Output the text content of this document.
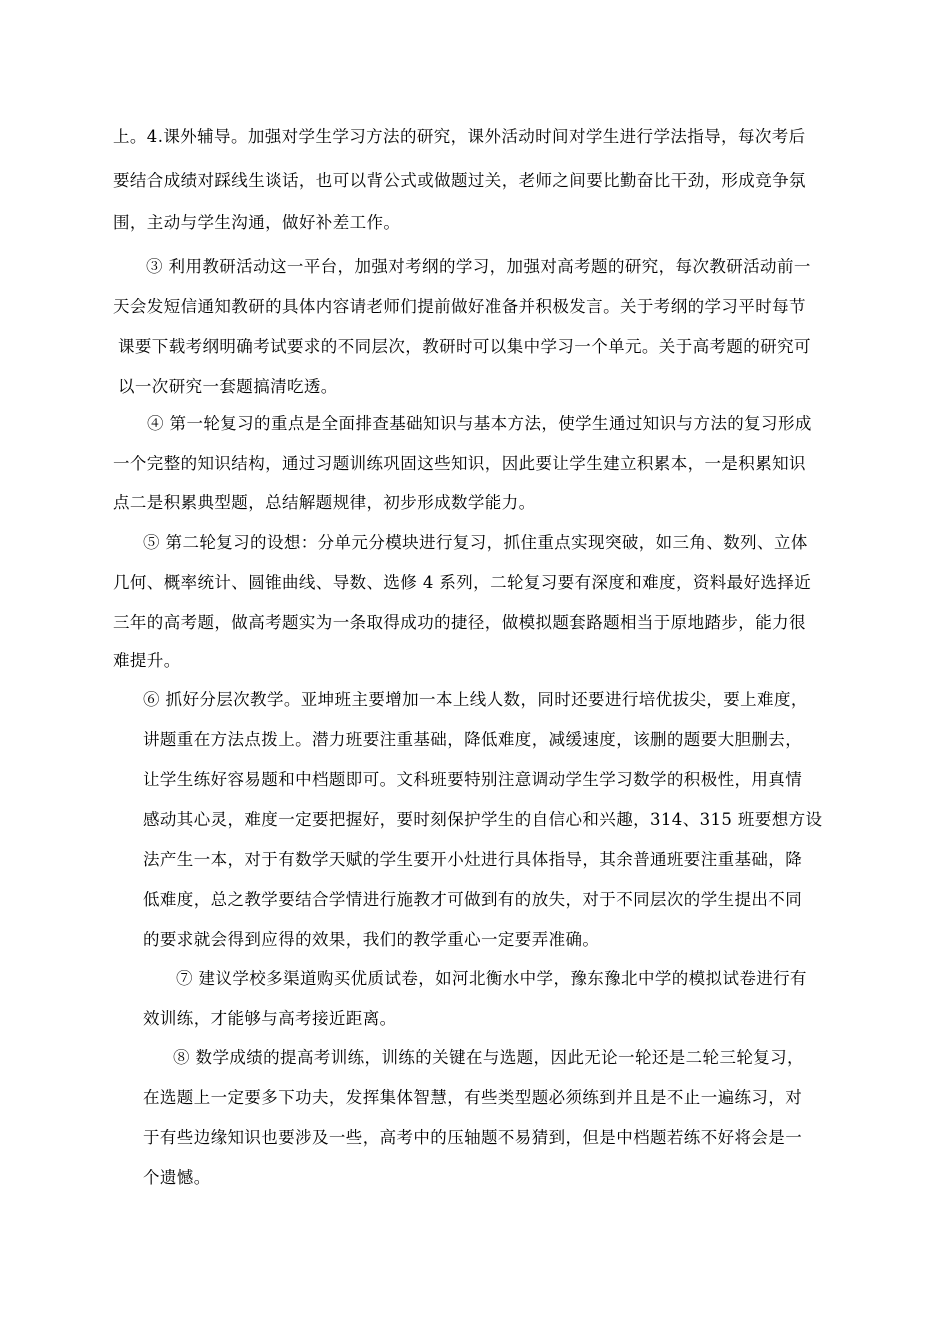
上。4.课外辅导。加强对学生学习方法的研究，课外活动时间对学生进行学法指导，每次考后
要结合成绩对踩线生谈话，也可以背公式或做题过关，老师之间要比勤奋比干劲，形成竞争氛
围，主动与学生沟通，做好补差工作。
③ 利用教研活动这一平台，加强对考纲的学习，加强对高考题的研究，每次教研活动前一
天会发短信通知教研的具体内容请老师们提前做好准备并积极发言。关于考纲的学习平时每节
课要下载考纲明确考试要求的不同层次，教研时可以集中学习一个单元。关于高考题的研究可
以一次研究一套题搞清吃透。
④ 第一轮复习的重点是全面排查基础知识与基本方法，使学生通过知识与方法的复习形成
一个完整的知识结构，通过习题训练巩固这些知识，因此要让学生建立积累本，一是积累知识
点二是积累典型题，总结解题规律，初步形成数学能力。
⑤ 第二轮复习的设想：分单元分模块进行复习，抓住重点实现突破，如三角、数列、立体
几何、概率统计、圆锥曲线、导数、选修 4 系列，二轮复习要有深度和难度，资料最好选择近
三年的高考题，做高考题实为一条取得成功的捷径，做模拟题套路题相当于原地踏步，能力很
难提升。
⑥ 抓好分层次教学。亚坤班主要增加一本上线人数，同时还要进行培优拔尖，要上难度，
讲题重在方法点拨上。潜力班要注重基础，降低难度，减缓速度，该删的题要大胆删去，
让学生练好容易题和中档题即可。文科班要特别注意调动学生学习数学的积极性，用真情
感动其心灵，难度一定要把握好，要时刻保护学生的自信心和兴趣，314、315 班要想方设
法产生一本，对于有数学天赋的学生要开小灶进行具体指导，其余普通班要注重基础，降
低难度，总之教学要结合学情进行施教才可做到有的放失，对于不同层次的学生提出不同
的要求就会得到应得的效果，我们的教学重心一定要弄准确。
⑦ 建议学校多渠道购买优质试卷，如河北衡水中学，豫东豫北中学的模拟试卷进行有
效训练，才能够与高考接近距离。
⑧ 数学成绩的提高考训练，训练的关键在与选题，因此无论一轮还是二轮三轮复习，
在选题上一定要多下功夫，发挥集体智慧，有些类型题必须练到并且是不止一遍练习，对
于有些边缘知识也要涉及一些，高考中的压轴题不易猜到，但是中档题若练不好将会是一
个遗憾。
